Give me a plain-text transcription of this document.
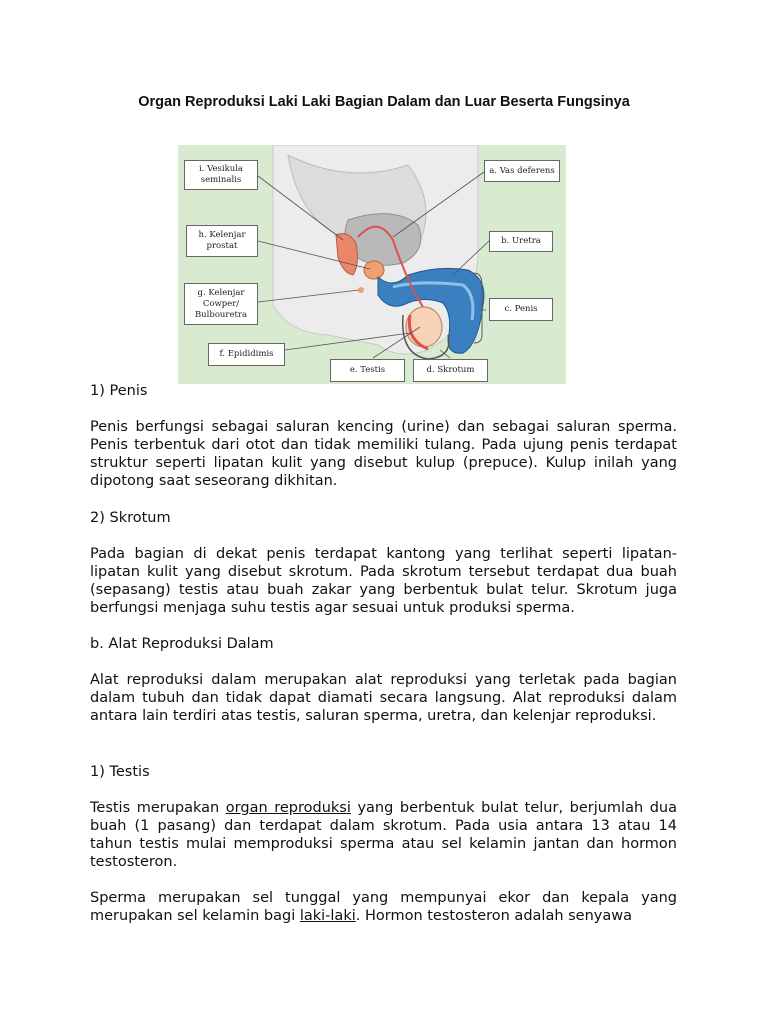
Organ Reproduksi Laki Laki Bagian Dalam dan Luar Beserta Fungsinya
i. Vesikula seminalis
a. Vas deferens
h. Kelenjar prostat	b. Uretra
g. Kelenjar Cowper/ Bulbouretra
c. Penis
f. Epididimis
e. Testis	d. Skrotum
1) Penis
Penis berfungsi sebagai saluran kencing (urine) dan sebagai saluran sperma. Penis terbentuk dari otot dan tidak memiliki tulang. Pada ujung penis terdapat struktur seperti lipatan kulit yang disebut kulup (prepuce). Kulup inilah yang dipotong saat seseorang dikhitan.
2) Skrotum
Pada bagian di dekat penis terdapat kantong yang terlihat seperti lipatan-lipatan kulit yang disebut skrotum. Pada skrotum tersebut terdapat dua buah (sepasang) testis atau buah zakar yang berbentuk bulat telur. Skrotum juga berfungsi menjaga suhu testis agar sesuai untuk produksi sperma.
b. Alat Reproduksi Dalam
Alat reproduksi dalam merupakan alat reproduksi yang terletak pada bagian dalam tubuh dan tidak dapat diamati secara langsung. Alat reproduksi dalam antara lain terdiri atas testis, saluran sperma, uretra, dan kelenjar reproduksi.
1) Testis
Testis merupakan organ reproduksi yang berbentuk bulat telur, berjumlah dua buah (1 pasang) dan terdapat dalam skrotum. Pada usia antara 13 atau 14 tahun testis mulai memproduksi sperma atau sel kelamin jantan dan hormon testosteron.
Sperma merupakan sel tunggal yang mempunyai ekor dan kepala yang merupakan sel kelamin bagi laki-laki. Hormon testosteron adalah senyawa
